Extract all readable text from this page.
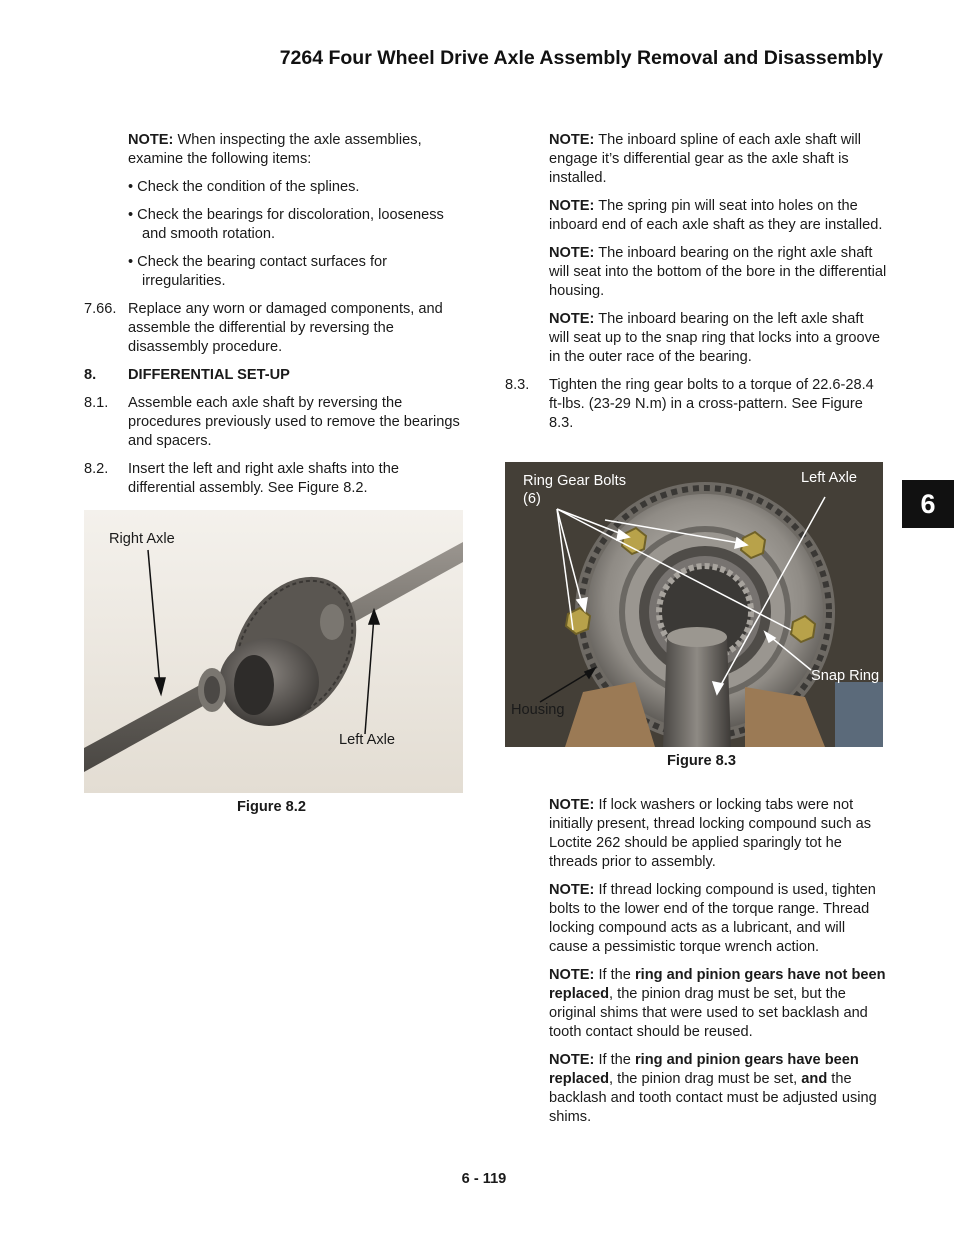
7264 Four Wheel Drive Axle Assembly Removal and Disassembly
6

NOTE: When inspecting the axle assemblies, examine the following items:

• Check the condition of the splines.

• Check the bearings for discoloration, looseness and smooth rotation.

• Check the bearing contact surfaces for irregularities.

7.66. Replace any worn or damaged components, and assemble the differential by reversing the disassembly procedure.
8.	DIFFERENTIAL SET-UP
8.1.	Assemble each axle shaft by reversing the procedures previously used to remove the bearings and spacers.
8.2.	Insert the left and right axle shafts into the differential assembly. See Figure 8.2.
Right Axle
Left Axle
Figure 8.2

NOTE: The inboard spline of each axle shaft will engage it’s differential gear as the axle shaft is installed.

NOTE: The spring pin will seat into holes on the inboard end of each axle shaft as they are installed.

NOTE: The inboard bearing on the right axle shaft will seat into the bottom of the bore in the differential housing.

NOTE: The inboard bearing on the left axle shaft will seat up to the snap ring that locks into a groove in the outer race of the bearing.

8.3.	Tighten the ring gear bolts to a torque of 22.6-28.4 ft-lbs. (23-29 N.m) in a cross-pattern. See Figure 8.3.
Ring Gear Bolts
(6)
Left Axle
Snap Ring
Housing
Figure 8.3

NOTE: If lock washers or locking tabs were not initially present, thread locking compound such as Loctite 262 should be applied sparingly tot he threads prior to assembly.

NOTE: If thread locking compound is used, tighten bolts to the lower end of the torque range. Thread locking compound acts as a lubricant, and will cause a pessimistic torque wrench action.

NOTE: If the ring and pinion gears have not been replaced, the pinion drag must be set, but the original shims that were used to set backlash and tooth contact should be reused.

NOTE: If the ring and pinion gears have been replaced, the pinion drag must be set, and the backlash and tooth contact must be adjusted using shims.

6 - 119
